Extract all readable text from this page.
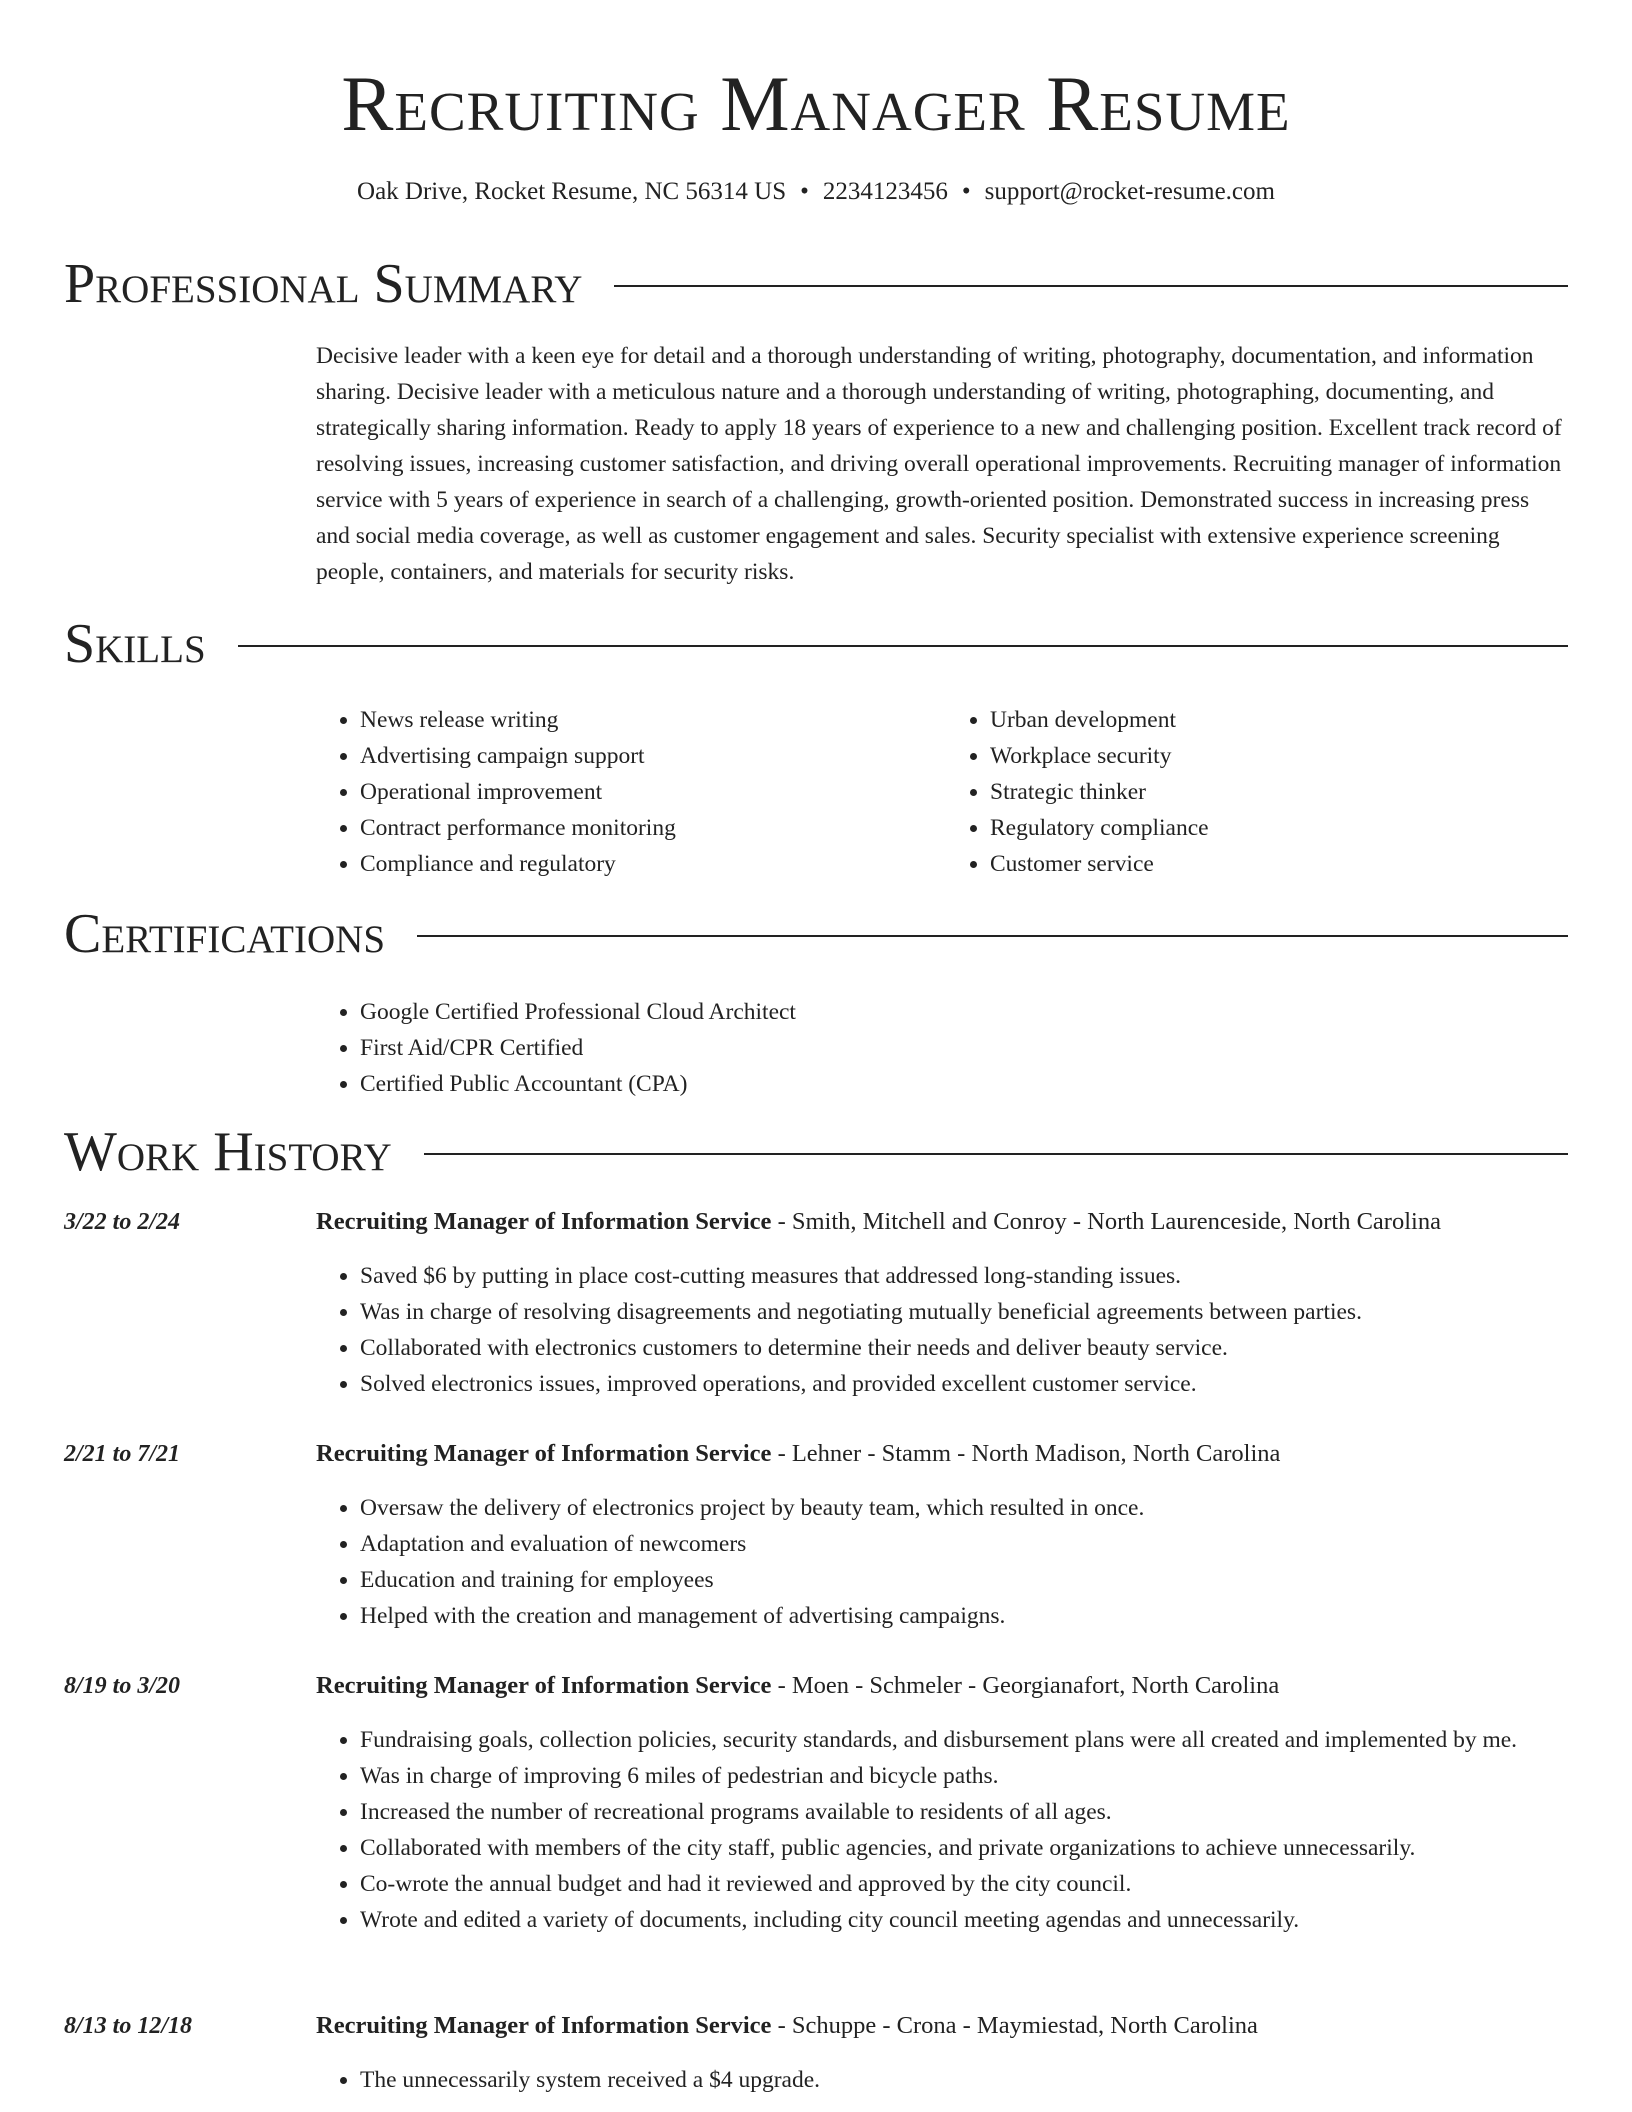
Recruiting Manager Resume
Oak Drive, Rocket Resume, NC 56314 US • 2234123456 • support@rocket-resume.com
Professional Summary

Decisive leader with a keen eye for detail and a thorough understanding of writing, photography, documentation, and information sharing. Decisive leader with a meticulous nature and a thorough understanding of writing, photographing, documenting, and strategically sharing information. Ready to apply 18 years of experience to a new and challenging position. Excellent track record of resolving issues, increasing customer satisfaction, and driving overall operational improvements. Recruiting manager of information service with 5 years of experience in search of a challenging, growth-oriented position. Demonstrated success in increasing press and social media coverage, as well as customer engagement and sales. Security specialist with extensive experience screening people, containers, and materials for security risks.

Skills
• News release writing
• Advertising campaign support
• Operational improvement
• Contract performance monitoring
• Compliance and regulatory
• Urban development
• Workplace security
• Strategic thinker
• Regulatory compliance
• Customer service
Certifications
• Google Certified Professional Cloud Architect
• First Aid/CPR Certified
• Certified Public Accountant (CPA)
Work History
3/22 to 2/24	Recruiting Manager of Information Service - Smith, Mitchell and Conroy - North Laurenceside, North Carolina
• Saved $6 by putting in place cost-cutting measures that addressed long-standing issues.
• Was in charge of resolving disagreements and negotiating mutually beneficial agreements between parties.
• Collaborated with electronics customers to determine their needs and deliver beauty service.
• Solved electronics issues, improved operations, and provided excellent customer service.
2/21 to 7/21	Recruiting Manager of Information Service - Lehner - Stamm - North Madison, North Carolina
• Oversaw the delivery of electronics project by beauty team, which resulted in once.
• Adaptation and evaluation of newcomers
• Education and training for employees
• Helped with the creation and management of advertising campaigns.
8/19 to 3/20	Recruiting Manager of Information Service - Moen - Schmeler - Georgianafort, North Carolina
• Fundraising goals, collection policies, security standards, and disbursement plans were all created and implemented by me.
• Was in charge of improving 6 miles of pedestrian and bicycle paths.
• Increased the number of recreational programs available to residents of all ages.
• Collaborated with members of the city staff, public agencies, and private organizations to achieve unnecessarily.
• Co-wrote the annual budget and had it reviewed and approved by the city council.
• Wrote and edited a variety of documents, including city council meeting agendas and unnecessarily.
8/13 to 12/18	Recruiting Manager of Information Service - Schuppe - Crona - Maymiestad, North Carolina
• The unnecessarily system received a $4 upgrade.
